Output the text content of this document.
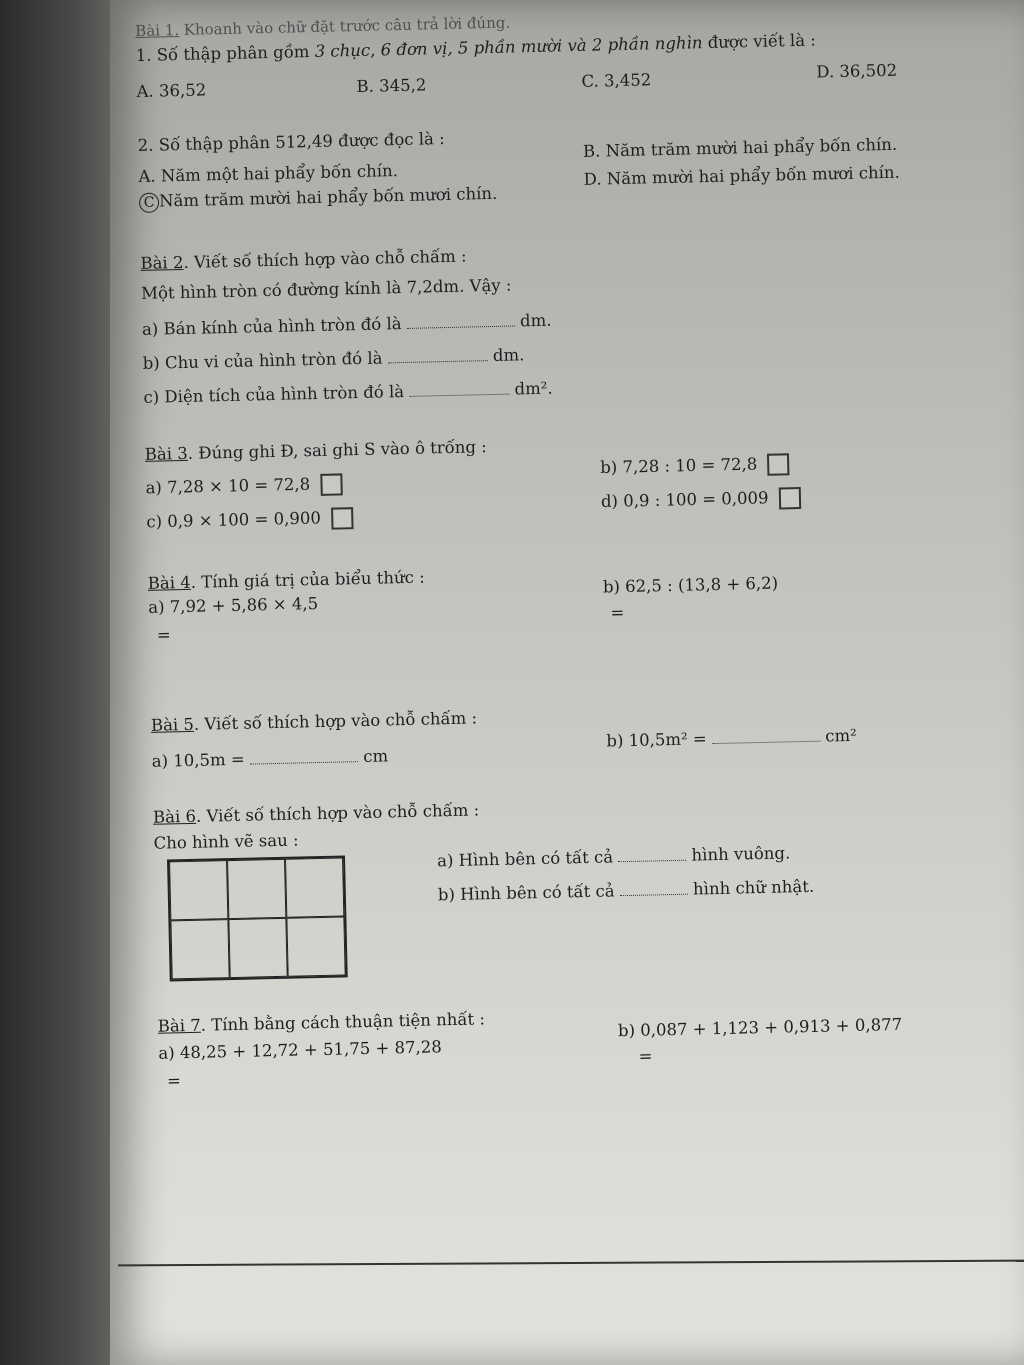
Bài 1. Khoanh vào chữ đặt trước câu trả lời đúng.
1. Số thập phân gồm 3 chục, 6 đơn vị, 5 phần mười và 2 phần nghìn được viết là :
A. 36,52	B. 345,2	C. 3,452	D. 36,502
2. Số thập phân 512,49 được đọc là :
A. Năm một hai phẩy bốn chín.
B. Năm trăm mười hai phẩy bốn chín.
C Năm trăm mười hai phẩy bốn mươi chín.
D. Năm mười hai phẩy bốn mươi chín.
Bài 2. Viết số thích hợp vào chỗ chấm :
Một hình tròn có đường kính là 7,2dm. Vậy :
a) Bán kính của hình tròn đó là	dm.
b) Chu vi của hình tròn đó là	dm.
c) Diện tích của hình tròn đó là	dm².
Bài 3. Đúng ghi Đ, sai ghi S vào ô trống :
a) 7,28 × 10 = 72,8
b) 7,28 : 10 = 72,8
c) 0,9 × 100 = 0,900
d) 0,9 : 100 = 0,009
Bài 4. Tính giá trị của biểu thức :
a) 7,92 + 5,86 × 4,5
=
b) 62,5 : (13,8 + 6,2)
=
Bài 5. Viết số thích hợp vào chỗ chấm :
a) 10,5m =	cm
b) 10,5m² =	cm²
Bài 6. Viết số thích hợp vào chỗ chấm :
Cho hình vẽ sau :
a) Hình bên có tất cả	hình vuông.
b) Hình bên có tất cả	hình chữ nhật.
Bài 7. Tính bằng cách thuận tiện nhất :
a) 48,25 + 12,72 + 51,75 + 87,28
=
b) 0,087 + 1,123 + 0,913 + 0,877
=
